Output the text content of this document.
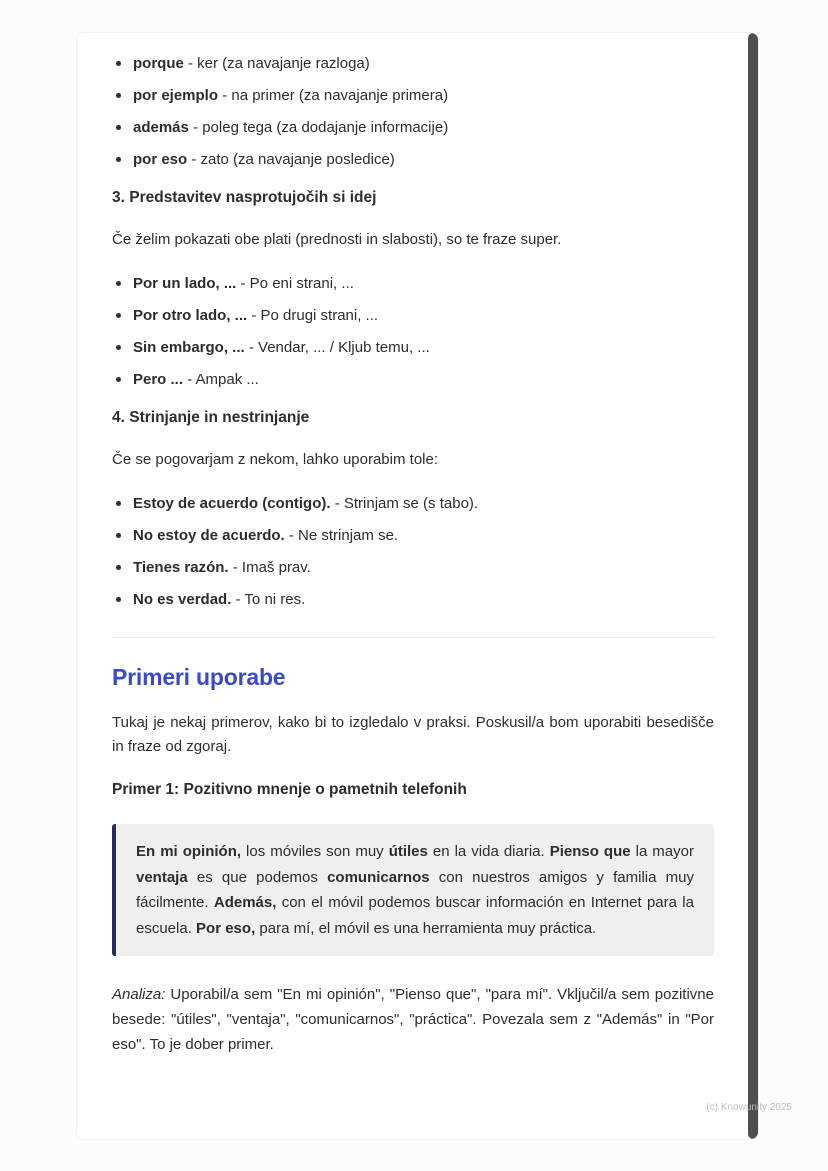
porque - ker (za navajanje razloga)
por ejemplo - na primer (za navajanje primera)
además - poleg tega (za dodajanje informacije)
por eso - zato (za navajanje posledice)
3. Predstavitev nasprotujočih si idej

Če želim pokazati obe plati (prednosti in slabosti), so te fraze super.

Por un lado, ... - Po eni strani, ...
Por otro lado, ... - Po drugi strani, ...
Sin embargo, ... - Vendar, ... / Kljub temu, ...
Pero ... - Ampak ...
4. Strinjanje in nestrinjanje

Če se pogovarjam z nekom, lahko uporabim tole:

Estoy de acuerdo (contigo). - Strinjam se (s tabo).
No estoy de acuerdo. - Ne strinjam se.
Tienes razón. - Imaš prav.
No es verdad. - To ni res.
Primeri uporabe

Tukaj je nekaj primerov, kako bi to izgledalo v praksi. Poskusil/a bom uporabiti besedišče in fraze od zgoraj.

Primer 1: Pozitivno mnenje o pametnih telefonih
En mi opinión, los móviles son muy útiles en la vida diaria. Pienso que la mayor ventaja es que podemos comunicarnos con nuestros amigos y familia muy fácilmente. Además, con el móvil podemos buscar información en Internet para la escuela. Por eso, para mí, el móvil es una herramienta muy práctica.

Analiza: Uporabil/a sem "En mi opinión", "Pienso que", "para mí". Vključil/a sem pozitivne besede: "útiles", "ventaja", "comunicarnos", "práctica". Povezala sem z "Además" in "Por eso". To je dober primer.

(c) Knowunity 2025
